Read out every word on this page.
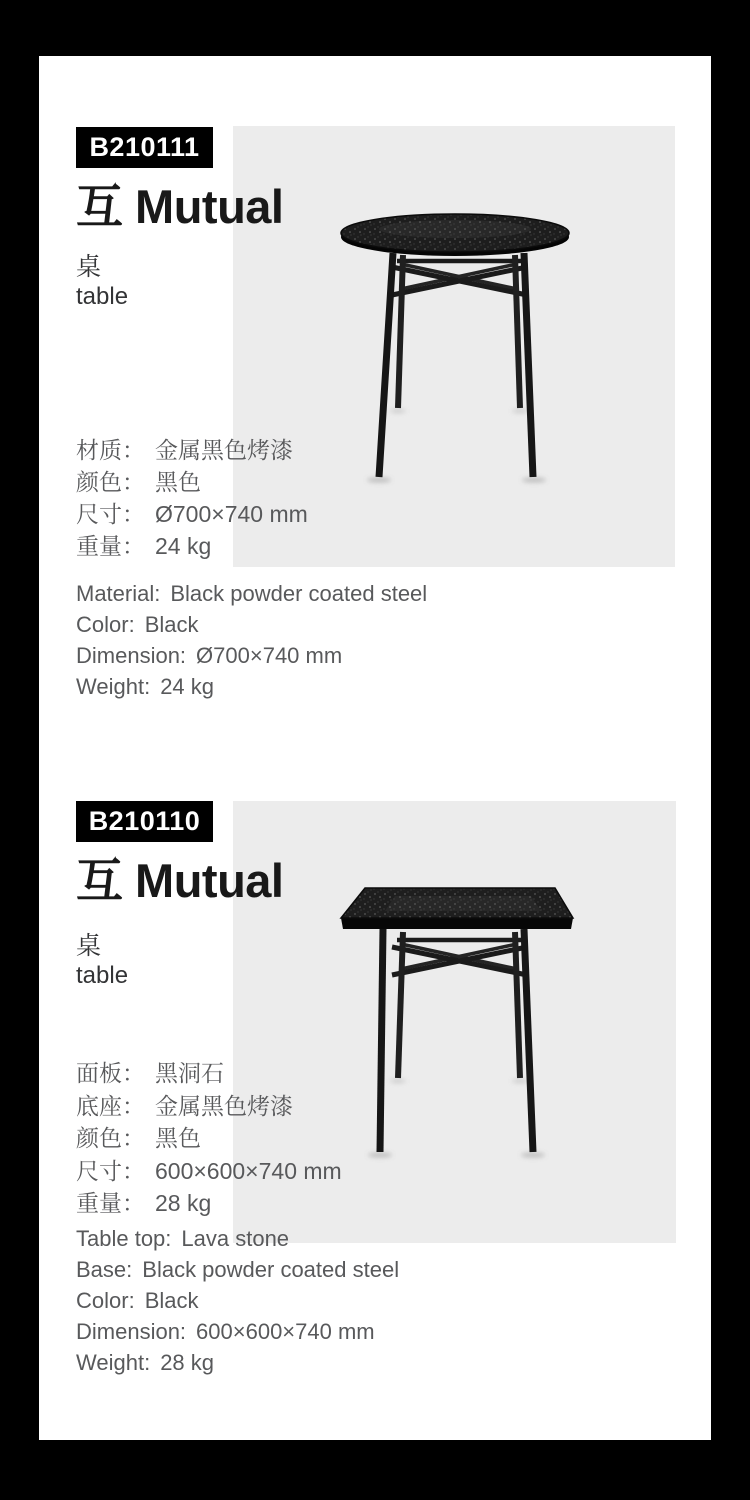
B210111
互 Mutual
桌
table
材质： 金属黑色烤漆
颜色： 黑色
尺寸： Ø700×740 mm
重量： 24 kg
Material: Black powder coated steel
Color: Black
Dimension: Ø700×740 mm
Weight: 24 kg
B210110
互 Mutual
桌
table
面板： 黑洞石
底座： 金属黑色烤漆
颜色： 黑色
尺寸： 600×600×740 mm
重量： 28 kg
Table top: Lava stone
Base: Black powder coated steel
Color: Black
Dimension: 600×600×740 mm
Weight: 28 kg
